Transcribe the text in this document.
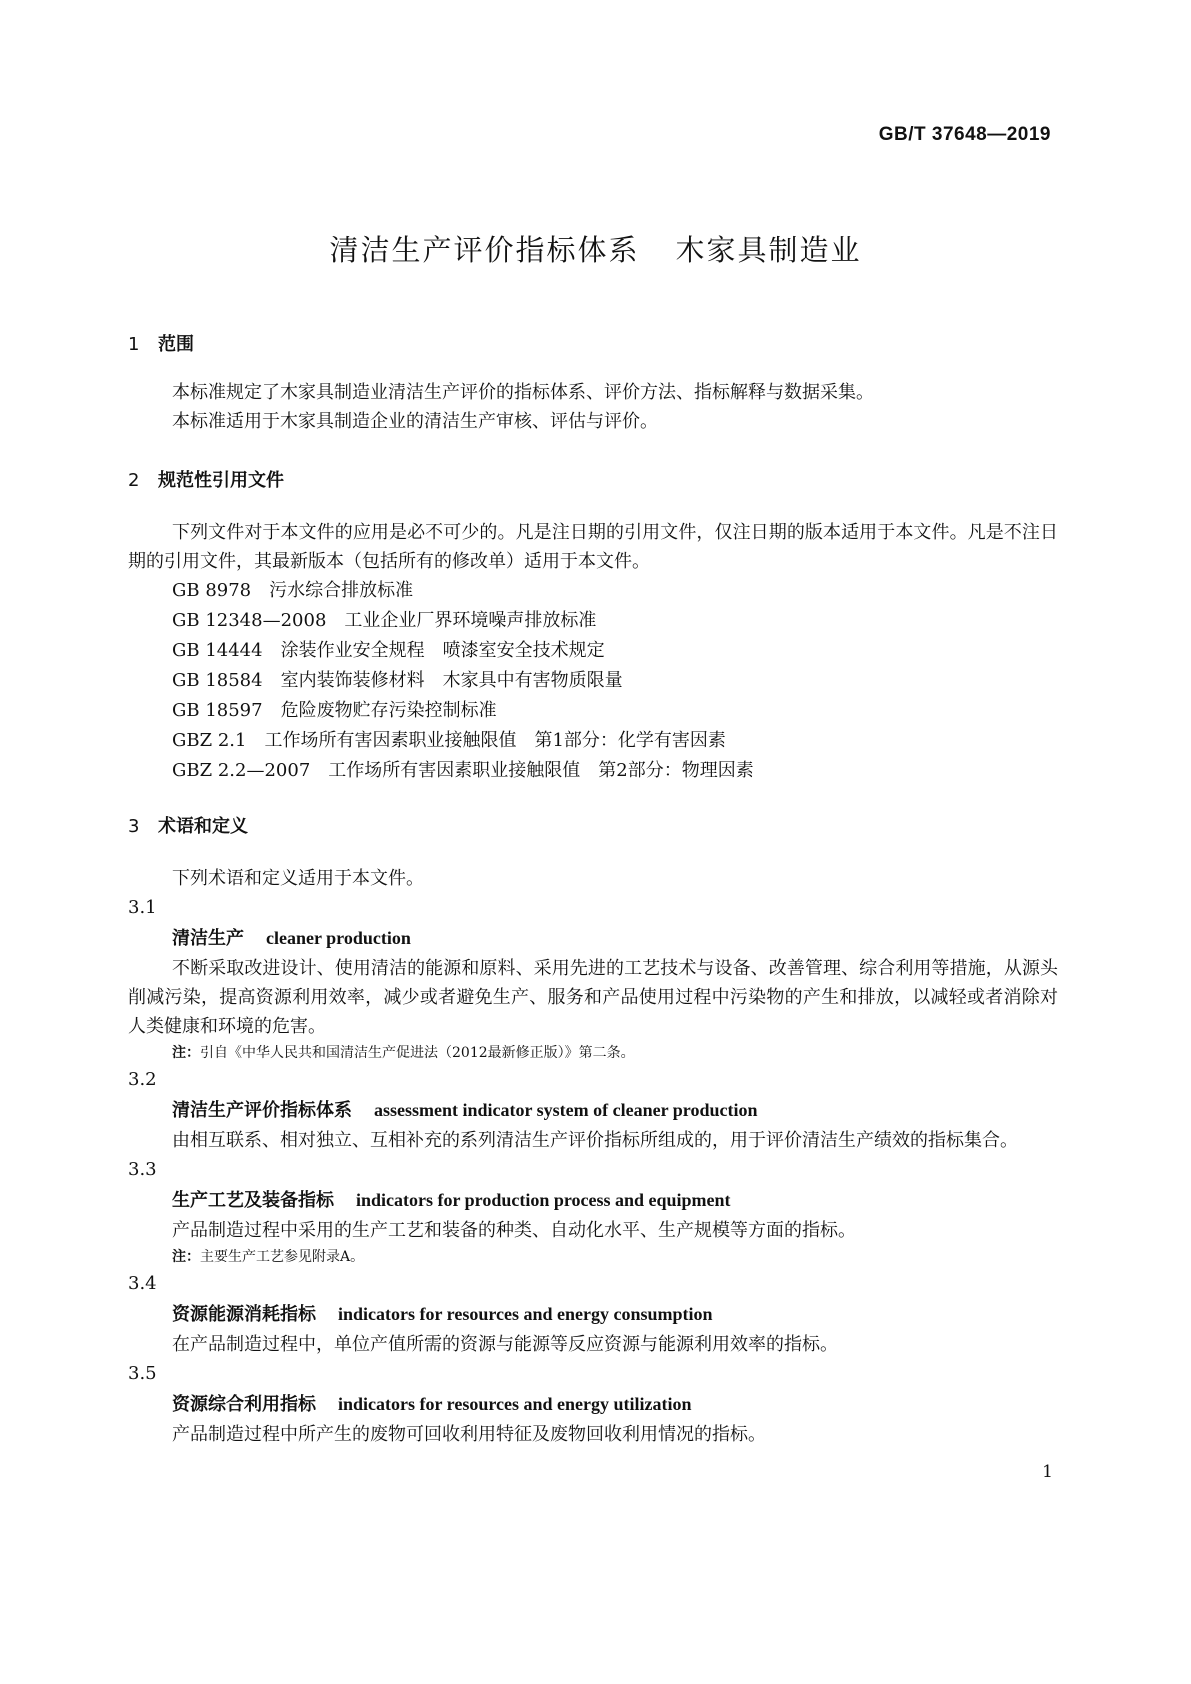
GB/T 37648—2019
清洁生产评价指标体系 木家具制造业
1 范围

本标准规定了木家具制造业清洁生产评价的指标体系、评价方法、指标解释与数据采集。

本标准适用于木家具制造企业的清洁生产审核、评估与评价。

2 规范性引用文件

下列文件对于本文件的应用是必不可少的。凡是注日期的引用文件，仅注日期的版本适用于本文件。凡是不注日期的引用文件，其最新版本（包括所有的修改单）适用于本文件。

GB 8978 污水综合排放标准
GB 12348—2008 工业企业厂界环境噪声排放标准
GB 14444 涂装作业安全规程　喷漆室安全技术规定
GB 18584 室内装饰装修材料　木家具中有害物质限量
GB 18597 危险废物贮存污染控制标准
GBZ 2.1 工作场所有害因素职业接触限值　第1部分：化学有害因素
GBZ 2.2—2007 工作场所有害因素职业接触限值　第2部分：物理因素
3 术语和定义

下列术语和定义适用于本文件。

3.1
清洁生产 cleaner production

不断采取改进设计、使用清洁的能源和原料、采用先进的工艺技术与设备、改善管理、综合利用等措施，从源头削减污染，提高资源利用效率，减少或者避免生产、服务和产品使用过程中污染物的产生和排放，以减轻或者消除对人类健康和环境的危害。

注：引自《中华人民共和国清洁生产促进法（2012最新修正版）》第二条。
3.2
清洁生产评价指标体系 assessment indicator system of cleaner production

由相互联系、相对独立、互相补充的系列清洁生产评价指标所组成的，用于评价清洁生产绩效的指标集合。

3.3
生产工艺及装备指标 indicators for production process and equipment

产品制造过程中采用的生产工艺和装备的种类、自动化水平、生产规模等方面的指标。

注：主要生产工艺参见附录A。
3.4
资源能源消耗指标 indicators for resources and energy consumption

在产品制造过程中，单位产值所需的资源与能源等反应资源与能源利用效率的指标。

3.5
资源综合利用指标 indicators for resources and energy utilization

产品制造过程中所产生的废物可回收利用特征及废物回收利用情况的指标。

1
